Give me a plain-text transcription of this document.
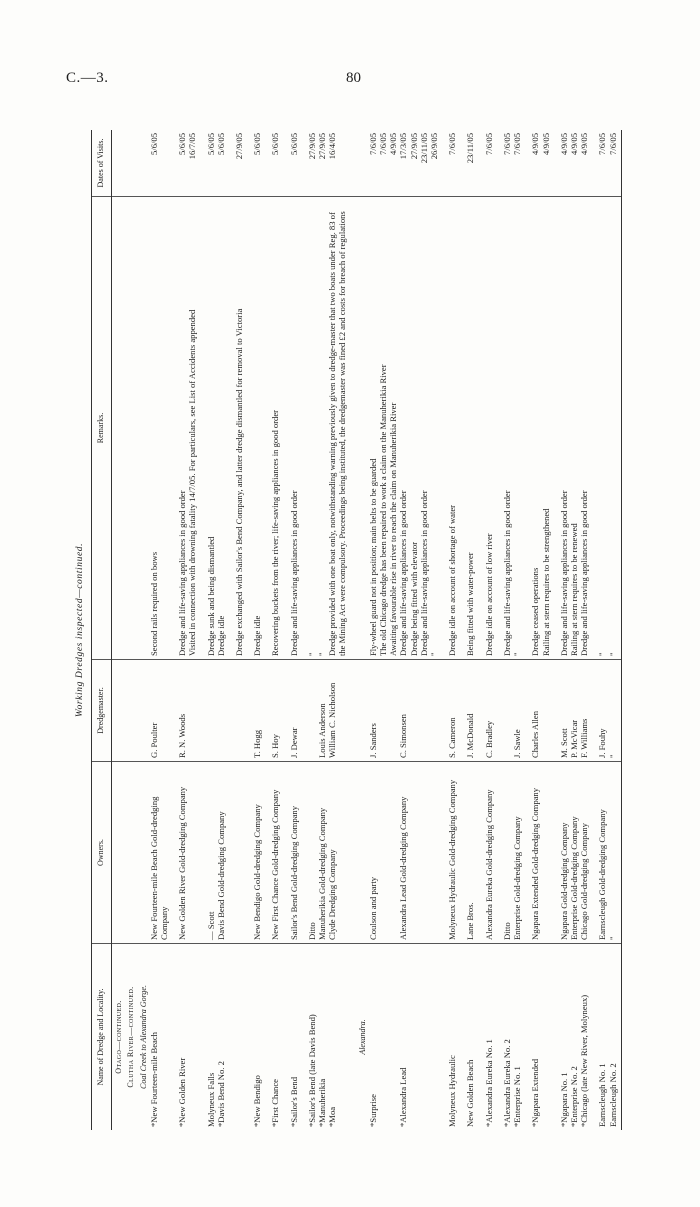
C.—3.	80
Working Dredges inspected—continued.
Name of Dredge and Locality.	Owners.	Dredgemaster.	Remarks.	Dates of Visits.
Otago—continued.				
Clutha River—continued.				
Coal Creek to Alexandra Gorge.				
*New Fourteen-mile Beach	New Fourteen-mile Beach Gold-dredging Company	G. Poulter	Second rails required on bows	5/6/05

*New Golden River	New Golden River Gold-dredging Company	R. N. Woods	Dredge and life-saving appliances in good order	5/6/05
			Visited in connection with drowning fatality 14/7/05. For particulars, see List of Accidents appended	16/7/05

Molyneux Falls	— Scott		Dredge sunk and being dismantled	5/6/05
*Davis Bend No. 2	Davis Bend Gold-dredging Company		Dredge idle	5/6/05

			Dredge exchanged with Sailor's Bend Company, and latter dredge dismantled for removal to Victoria	27/9/05

*New Bendigo	New Bendigo Gold-dredging Company	T. Hogg	Dredge idle	5/6/05

*First Chance	New First Chance Gold-dredging Company	S. Hoy	Recovering buckets from the river; life-saving appliances in good order	5/6/05

*Sailor's Bend	Sailor's Bend Gold-dredging Company	J. Dewar	Dredge and life-saving appliances in good order	5/6/05

*Sailor's Bend (late Davis Bend)	Ditto		"	27/9/05
*Manuherikia	Manuherikia Gold-dredging Company	Louis Anderson	"	27/9/05
*Moa	Clyde Dredging Company	William C. Nicholson	Dredge provided with one boat only, notwithstanding warning previously given to dredge-master that two boats under Reg. 83 of the Mining Act were compulsory. Proceedings being instituted, the dredgemaster was fined £2 and costs for breach of regulations	16/4/05

Alexandra.				
*Surprise	Coulson and party	J. Sanders	Fly-wheel guard not in position; main belts to be guarded	7/6/05
			The old Chicago dredge has been repaired to work a claim on the Manuherikia River	7/6/05
			Awaiting favourable rise in river to reach the claim on Manuherikia River	4/9/05
*Alexandra Lead	Alexandra Lead Gold-dredging Company	C. Simonsen	Dredge and life-saving appliances in good order	17/3/05
			Dredge being fitted with elevator	27/9/05
			Dredge and life-saving appliances in good order	23/11/05
			"	26/9/05

Molyneux Hydraulic	Molyneux Hydraulic Gold-dredging Company	S. Cameron	Dredge idle on account of shortage of water	7/6/05

New Golden Beach	Lane Bros.	J. McDonald	Being fitted with water-power	23/11/05

*Alexandra Eureka No. 1	Alexandra Eureka Gold-dredging Company	C. Bradley	Dredge idle on account of low river	7/6/05

*Alexandra Eureka No. 2	Ditto		Dredge and life-saving appliances in good order	7/6/05
*Enterprise No. 1	Enterprise Gold-dredging Company	J. Sawle	"	7/6/05

*Ngapara Extended	Ngapara Extended Gold-dredging Company	Charles Allen	Dredge ceased operations	4/9/05
			Railing at stern requires to be strengthened	4/9/05

*Ngapara No. 1	Ngapara Gold-dredging Company	M. Scott	Dredge and life-saving appliances in good order	4/9/05
*Enterprise No. 2	Enterprise Gold-dredging Company	P. McVicar	Railing at stern requires to be renewed	4/9/05
*Chicago (late New River, Molyneux)	Chicago Gold-dredging Company	F. Williams	Dredge and life-saving appliances in good order	4/9/05

Earnscleugh No. 1	Earnscleugh Gold-dredging Company	J. Fouhy	"	7/6/05
Earnscleugh No. 2	"	"	"	7/6/05
